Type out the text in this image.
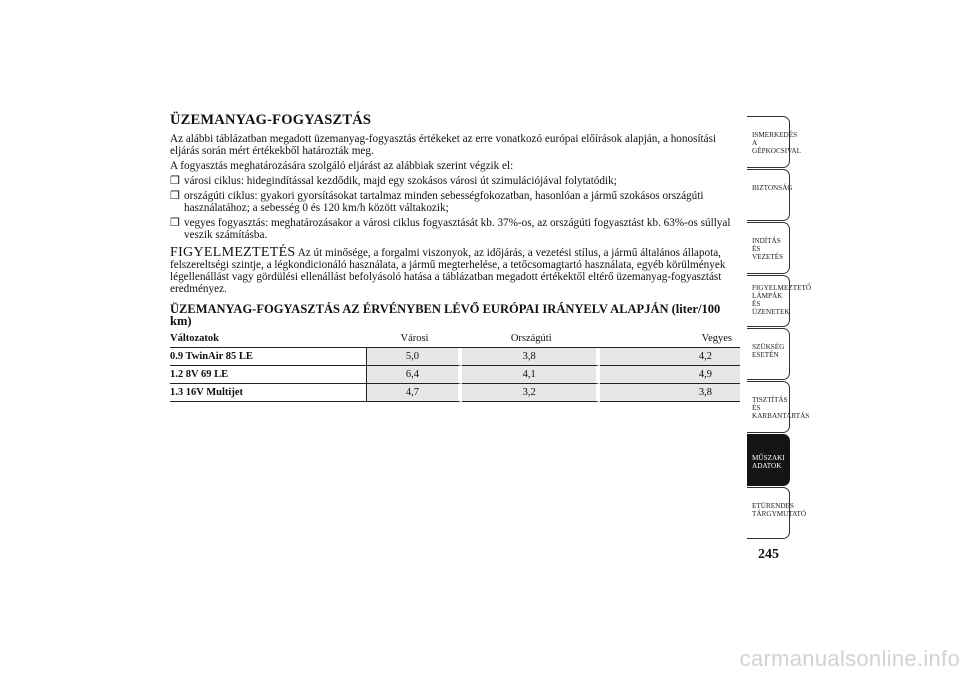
ÜZEMANYAG-FOGYASZTÁS

Az alábbi táblázatban megadott üzemanyag-fogyasztás értékeket az erre vonatkozó európai előírások alapján, a honosítási eljárás során mért értékekből határozták meg.

A fogyasztás meghatározására szolgáló eljárást az alábbiak szerint végzik el:

❒ városi ciklus: hidegindítással kezdődik, majd egy szokásos városi út szimulációjával folytatódik;
❒ országúti ciklus: gyakori gyorsításokat tartalmaz minden sebességfokozatban, hasonlóan a jármű szokásos országúti használatához; a sebesség 0 és 120 km/h között váltakozik;
❒ vegyes fogyasztás: meghatározásakor a városi ciklus fogyasztását kb. 37%-os, az országúti fogyasztást kb. 63%-os súllyal veszik számításba.

FIGYELMEZTETÉS Az út minősége, a forgalmi viszonyok, az időjárás, a vezetési stílus, a jármű általános állapota, felszereltségi szintje, a légkondicionáló használata, a jármű megterhelése, a tetőcsomagtartó használata, egyéb körülmények légellenállást vagy gördülési ellenállást befolyásoló hatása a táblázatban megadott értékektől eltérő üzemanyag-fogyasztást eredményez.

ÜZEMANYAG-FOGYASZTÁS AZ ÉRVÉNYBEN LÉVŐ EURÓPAI IRÁNYELV ALAPJÁN (liter/100 km)
Változatok	Városi	Országúti	Vegyes
0.9 TwinAir 85 LE	5,0	3,8	4,2
1.2 8V 69 LE	6,4	4,1	4,9
1.3 16V Multijet	4,7	3,2	3,8
ISMERKEDÉS A GÉPKOCSIVAL
BIZTONSÁG
INDÍTÁS ÉS VEZETÉS
FIGYELMEZTETŐ LÁMPÁK ÉS ÜZENETEK
SZÜKSÉG ESETÉN
TISZTÍTÁS ÉS KARBANTARTÁS
MŰSZAKI ADATOK
ETÜRENDES TÁRGYMUTATÓ
245
carmanualsonline.info
